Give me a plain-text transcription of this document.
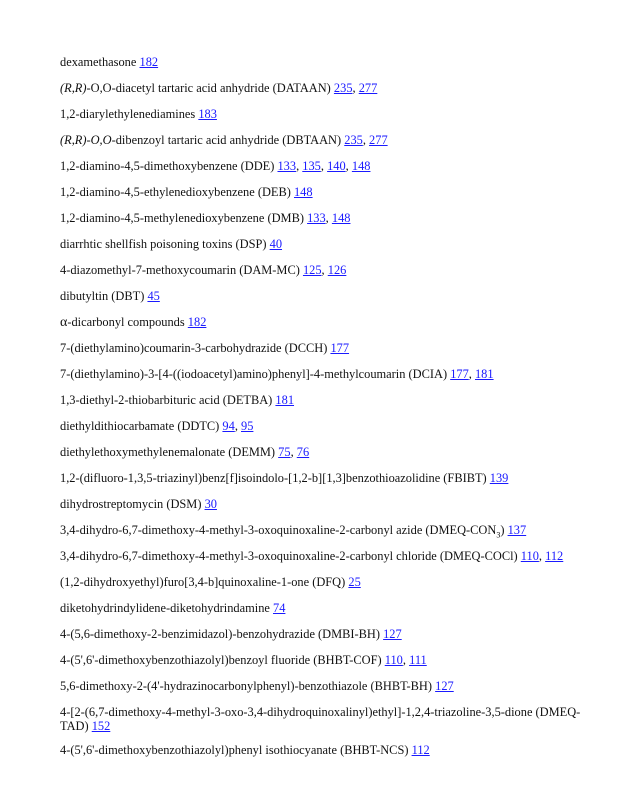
dexamethasone 182
(R,R)-O,O-diacetyl tartaric acid anhydride (DATAAN) 235, 277
1,2-diarylethylenediamines 183
(R,R)-O,O-dibenzoyl tartaric acid anhydride (DBTAAN) 235, 277
1,2-diamino-4,5-dimethoxybenzene (DDE) 133, 135, 140, 148
1,2-diamino-4,5-ethylenedioxybenzene (DEB) 148
1,2-diamino-4,5-methylenedioxybenzene (DMB) 133, 148
diarrhtic shellfish poisoning toxins (DSP) 40
4-diazomethyl-7-methoxycoumarin (DAM-MC) 125, 126
dibutyltin (DBT) 45
α-dicarbonyl compounds 182
7-(diethylamino)coumarin-3-carbohydrazide (DCCH) 177
7-(diethylamino)-3-[4-((iodoacetyl)amino)phenyl]-4-methylcoumarin (DCIA) 177, 181
1,3-diethyl-2-thiobarbituric acid (DETBA) 181
diethyldithiocarbamate (DDTC) 94, 95
diethylethoxymethylenemalonate (DEMM) 75, 76
1,2-(difluoro-1,3,5-triazinyl)benz[f]isoindolo-[1,2-b][1,3]benzothioazolidine (FBIBT) 139
dihydrostreptomycin (DSM) 30
3,4-dihydro-6,7-dimethoxy-4-methyl-3-oxoquinoxaline-2-carbonyl azide $(DMEQ-CON_3)$ 137
3,4-dihydro-6,7-dimethoxy-4-methyl-3-oxoquinoxaline-2-carbonyl chloride (DMEQ-COCl) 110, 112
(1,2-dihydroxyethyl)furo[3,4-b]quinoxaline-1-one (DFQ) 25
diketohydrindylidene-diketohydrindamine 74
4-(5,6-dimethoxy-2-benzimidazol)-benzohydrazide (DMBI-BH) 127
4-(5',6'-dimethoxybenzothiazolyl)benzoyl fluoride (BHBT-COF) 110, 111
5,6-dimethoxy-2-(4'-hydrazinocarbonylphenyl)-benzothiazole (BHBT-BH) 127
4-[2-(6,7-dimethoxy-4-methyl-3-oxo-3,4-dihydroquinoxalinyl)ethyl]-1,2,4-triazoline-3,5-dione (DMEQ-TAD) 152
4-(5',6'-dimethoxybenzothiazolyl)phenyl isothiocyanate (BHBT-NCS) 112
